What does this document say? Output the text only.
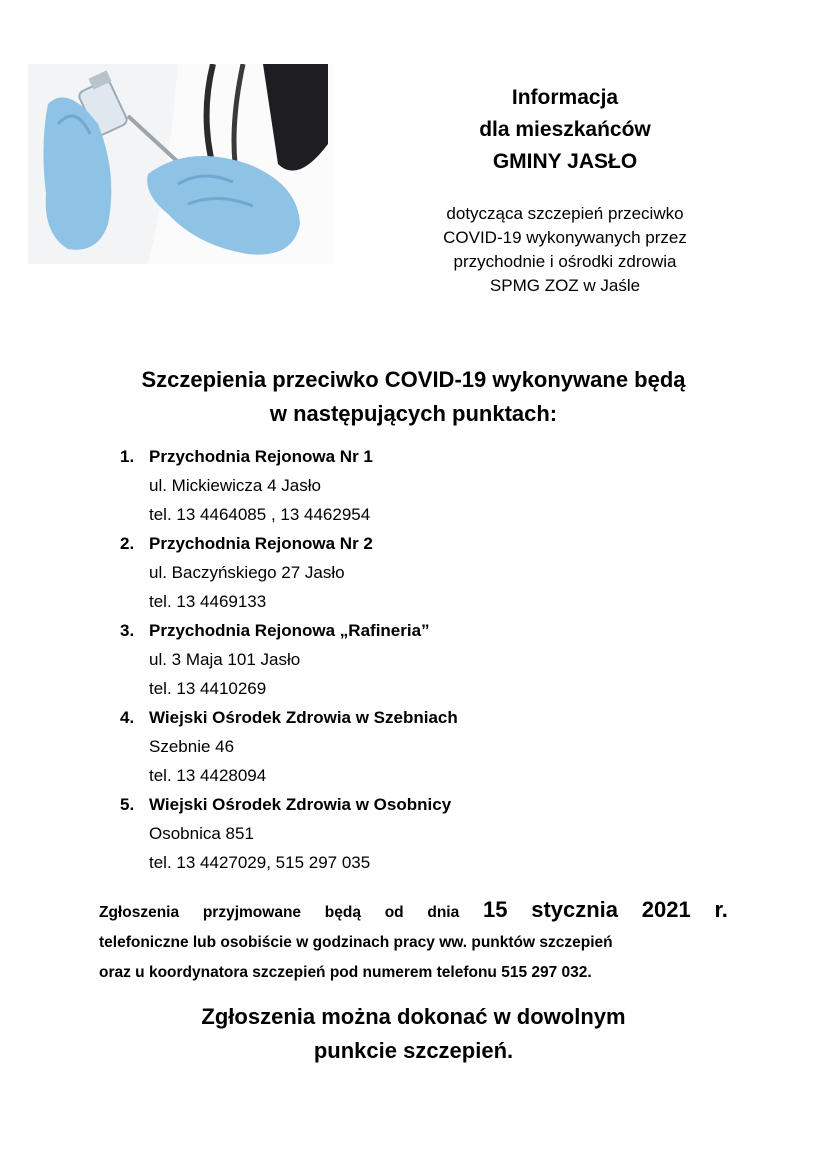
Informacja
dla mieszkańców
GMINY JASŁO
dotycząca szczepień przeciwko
COVID-19 wykonywanych przez
przychodnie i ośrodki zdrowia
SPMG ZOZ w Jaśle
Szczepienia przeciwko COVID-19 wykonywane będą
w następujących punktach:
1. Przychodnia Rejonowa Nr 1
ul. Mickiewicza 4 Jasło
tel. 13 4464085 , 13 4462954
2. Przychodnia Rejonowa Nr 2
ul. Baczyńskiego 27 Jasło
tel. 13 4469133
3. Przychodnia Rejonowa „Rafineria”
ul. 3 Maja 101 Jasło
tel. 13 4410269
4. Wiejski Ośrodek Zdrowia w Szebniach
Szebnie 46
tel. 13 4428094
5. Wiejski Ośrodek Zdrowia w Osobnicy
Osobnica 851
tel. 13 4427029, 515 297 035
Zgłoszenia przyjmowane będą od dnia 15 stycznia 2021 r.
telefoniczne lub osobiście w godzinach pracy ww. punktów szczepień
oraz u koordynatora szczepień pod numerem telefonu 515 297 032.
Zgłoszenia można dokonać w dowolnym
punkcie szczepień.
